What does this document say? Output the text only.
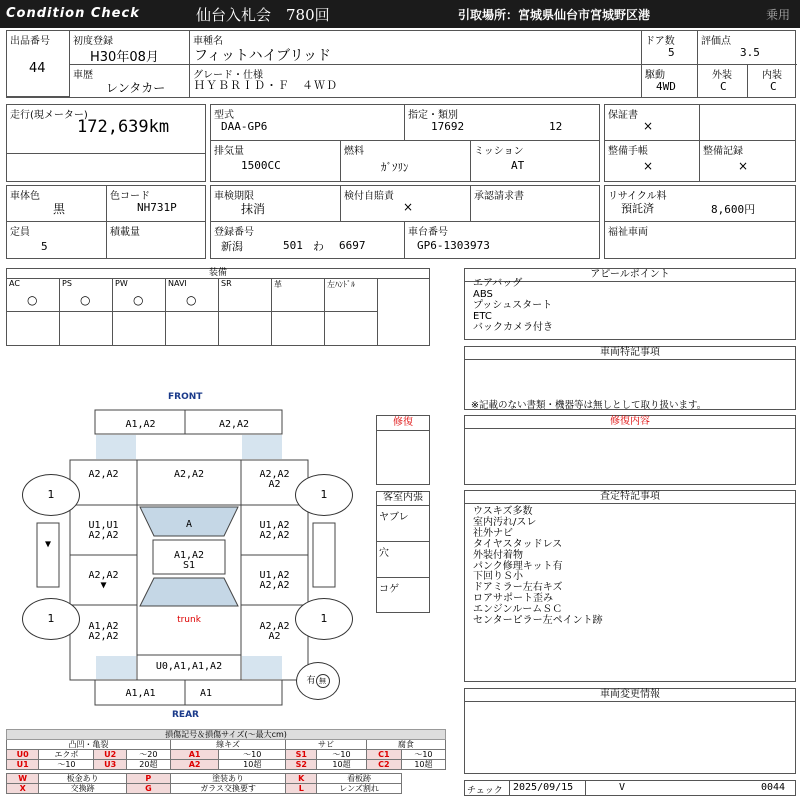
Condition Check	仙台入札会　780回	引取場所：宮城県仙台市宮城野区港	乗用
出品番号
44
初度登録
H30年08月
車種名
フィットハイブリッド
ドア数
5
評価点
3.5
車歴
レンタカー
グレード・仕様
ＨＹＢＲＩＤ・Ｆ　４ＷＤ
駆動
4WD
外装
C
内装
C
走行(現メーター)
172,639km
型式
DAA-GP6
指定・類別
17692	12
排気量
1500CC
燃料
ｶﾞｿﾘﾝ
ミッション
AT
保証書
×
整備手帳
×
整備記録
×
車体色
黒
色コード
NH731P
定員
5
積載量
車検期限
抹消
検付自賠責
×
承認請求書
登録番号
新潟	501 わ 6697
車台番号
GP6-1303973
リサイクル料
預託済	8,600円
福祉車両
装備
AC
○
PS
○
PW
○
NAVI
○
SR	革	左ﾊﾝﾄﾞﾙ
アピールポイント
エアバッグ
ABS
プッシュスタート
ETC
バックカメラ付き
車両特記事項
※記載のない書類・機器等は無しとして取り扱います。
修復内容
査定特記事項
ウスキズ多数
室内汚れ/スレ
社外ナビ
タイヤスタッドレス
外装付着物
パンク修理キット有
下回りＳ小
ドアミラー左右キズ
ロアサポート歪み
エンジンルームＳＣ
センターピラー左ペイント跡
車両変更情報
チェック 2025/09/15	V	0044
修復
客室内張
ヤブレ
穴
コゲ
FRONT
A1,A2	A2,A2
A2,A2	A2,A2	A2,A2
A2
U1,U1
A2,A2
A	U1,A2
A2,A2
A1,A2
S1
A2,A2
▼
U1,A2
A2,A2
trunk
A1,A2
A2,A2
A2,A2
A2
U0,A1,A1,A2
A1,A1	A1
▼
1	1
1	1
有 無
REAR
損傷記号＆損傷サイズ(〜最大cm)									
凸凹・亀裂				線キズ		サビ		腐食	
U0	エクボ	U2	〜20	A1	〜10	S1	〜10	C1	〜10
U1	〜10	U3	20超	A2	10超	S2	10超	C2	10超

W	板金あり		P	塗装あり		K	看板跡		
X	交換跡		G	ガラス交換要す		L	レンズ割れ		
